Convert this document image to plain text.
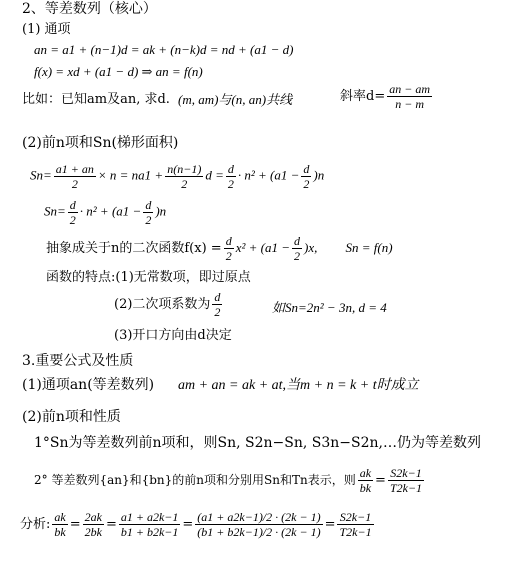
2、等差数列（核心）
(1) 通项
an = a1 + (n−1)d = ak + (n−k)d = nd + (a1 − d)
f(x) = xd + (a1 − d) ⇒ an = f(n)
比如：已知am及an, 求d. (m, am)与(n, an)共线	斜率$d= \frac{an - am}{n - m}$
(2)前n项和Sn(梯形面积)
$Sn= \frac{a1 + an}{2} \times n = na1 + \frac{n(n-1)}{2}$ $d = \frac{d}{2} \cdot n^2 + (a1 - \frac{d}{2} )n$
$Sn= \frac{d}{2} \cdot n^2 + (a1 - \frac{d}{2} )n$
抽象成关于n的二次函数$f(x) = \frac{d}{2} x^2 + (a1 - \frac{d}{2} )x$, Sn = f(n)
函数的特点:(1)无常数项，即过原点
(2)二次项系数为 $\frac{d}{2}$	如Sn=2n² − 3n, d = 4
(3)开口方向由d决定
3.重要公式及性质
(1)通项an(等差数列) am + an = ak + at,当m + n = k + t时成立
(2)前n项和性质
1°Sn为等差数列前n项和，则Sn, S2n−Sn, S3n−S2n,…仍为等差数列
2° 等差数列{an}和{bn}的前n项和分别用Sn和Tn表示，则 $\frac{ak}{bk} = \frac{S2k-1}{T2k-1}$
分析: $\frac{ak}{bk} = \frac{2ak}{2bk} = \frac{a1 + a2k-1}{b1 + b2k-1} = \frac{(a1 + a2k-1)/2 \cdot (2k - 1)}{(b1 + b2k-1)/2 \cdot (2k - 1)} = \frac{S2k-1}{T2k-1}$
